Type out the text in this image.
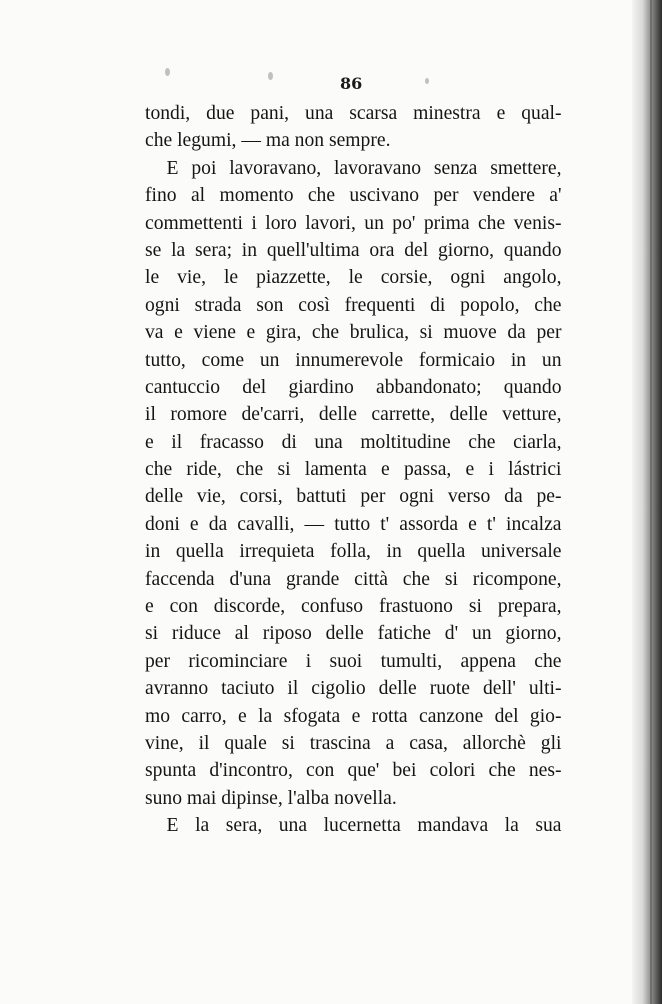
86
tondi, due pani, una scarsa minestra e qual-
che legumi, — ma non sempre.
E poi lavoravano, lavoravano senza smettere,
fino al momento che uscivano per vendere a'
commettenti i loro lavori, un po' prima che venis-
se la sera; in quell'ultima ora del giorno, quando
le vie, le piazzette, le corsie, ogni angolo,
ogni strada son così frequenti di popolo, che
va e viene e gira, che brulica, si muove da per
tutto, come un innumerevole formicaio in un
cantuccio del giardino abbandonato; quando
il romore de'carri, delle carrette, delle vetture,
e il fracasso di una moltitudine che ciarla,
che ride, che si lamenta e passa, e i lástrici
delle vie, corsi, battuti per ogni verso da pe-
doni e da cavalli, — tutto t' assorda e t' incalza
in quella irrequieta folla, in quella universale
faccenda d'una grande città che si ricompone,
e con discorde, confuso frastuono si prepara,
si riduce al riposo delle fatiche d' un giorno,
per ricominciare i suoi tumulti, appena che
avranno taciuto il cigolio delle ruote dell' ulti-
mo carro, e la sfogata e rotta canzone del gio-
vine, il quale si trascina a casa, allorchè gli
spunta d'incontro, con que' bei colori che nes-
suno mai dipinse, l'alba novella.
E la sera, una lucernetta mandava la sua
